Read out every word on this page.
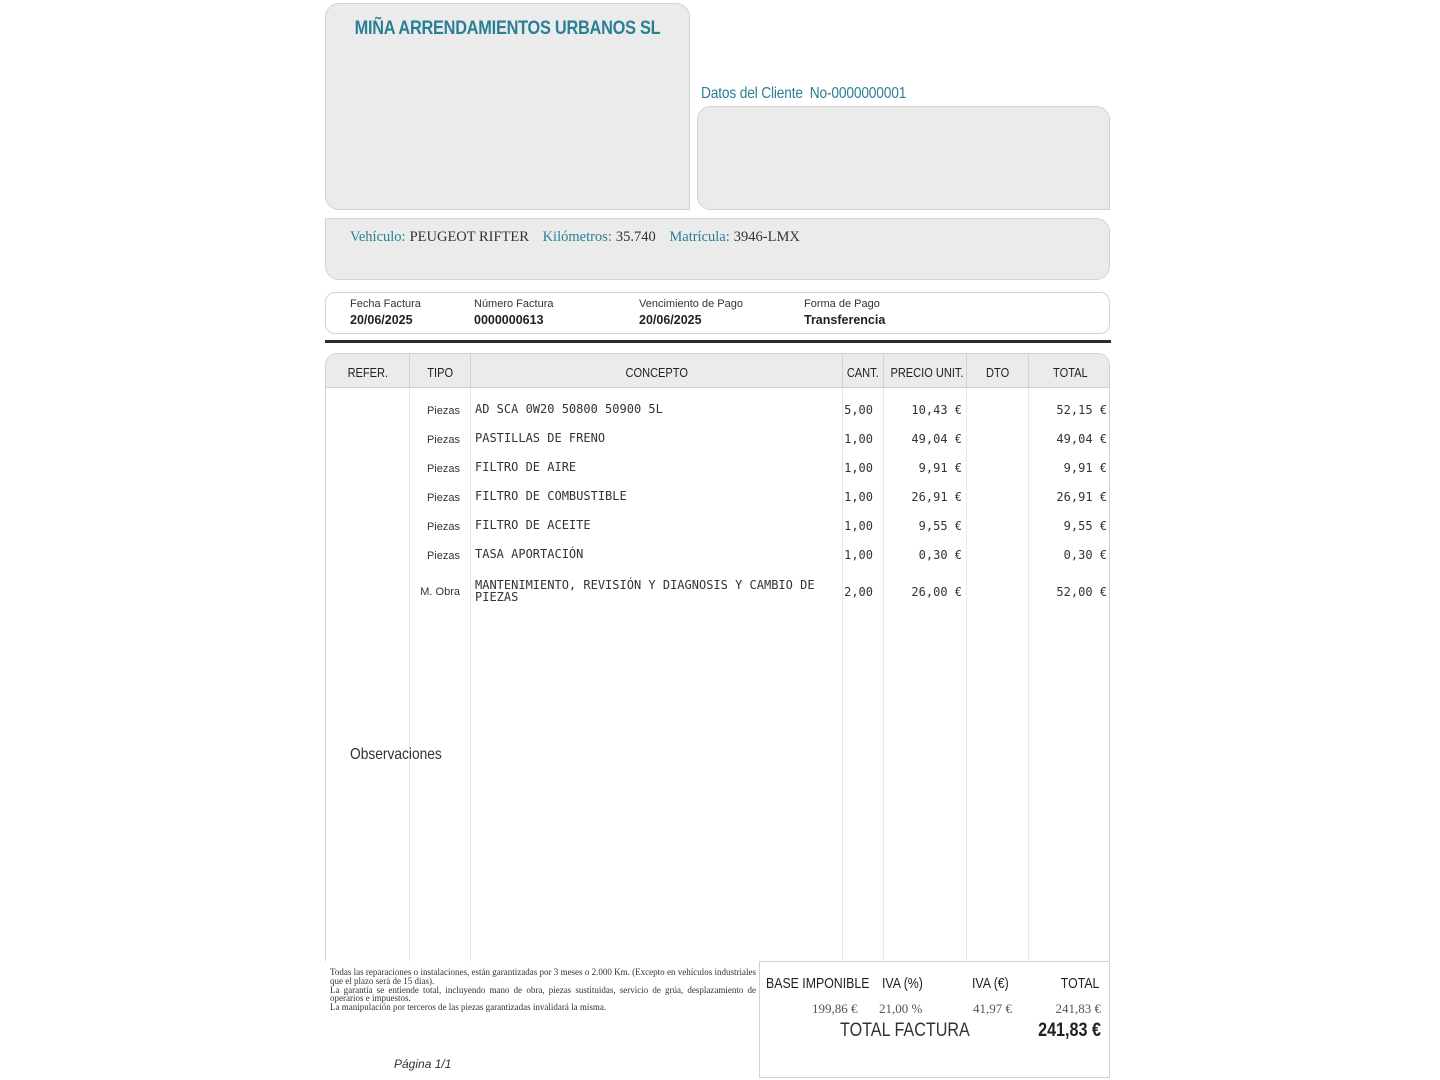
MIÑA ARRENDAMIENTOS URBANOS SL
Datos del Cliente No-0000000001
Vehículo: PEUGEOT RIFTER Kilómetros: 35.740 Matrícula: 3946-LMX
Fecha Factura
20/06/2025
Número Factura
0000000613
Vencimiento de Pago
20/06/2025
Forma de Pago
Transferencia
REFER.	TIPO	CONCEPTO	CANT. PRECIO UNIT.	DTO	TOTAL
Piezas AD SCA 0W20 50800 50900 5L	5,00	10,43 €	52,15 €
Piezas PASTILLAS DE FRENO	1,00	49,04 €	49,04 €
Piezas FILTRO DE AIRE	1,00	9,91 €	9,91 €
Piezas FILTRO DE COMBUSTIBLE	1,00	26,91 €	26,91 €
Piezas FILTRO DE ACEITE	1,00	9,55 €	9,55 €
Piezas TASA APORTACIÓN	1,00	0,30 €	0,30 €
M. Obra MANTENIMIENTO, REVISIÓN Y DIAGNOSIS Y CAMBIO DE PIEZAS	2,00	26,00 €	52,00 €
Observaciones
Todas las reparaciones o instalaciones, están garantizadas por 3 meses o 2.000 Km. (Excepto en vehículos industriales que el plazo será de 15 días).
La garantía se entiende total, incluyendo mano de obra, piezas sustituidas, servicio de grúa, desplazamiento de operarios e impuestos.
La manipulación por terceros de las piezas garantizadas invalidará la misma.
Página 1/1
BASE IMPONIBLE IVA (%)	IVA (€)	TOTAL
199,86 € 21,00 %	41,97 €	241,83 €
TOTAL FACTURA	241,83 €
